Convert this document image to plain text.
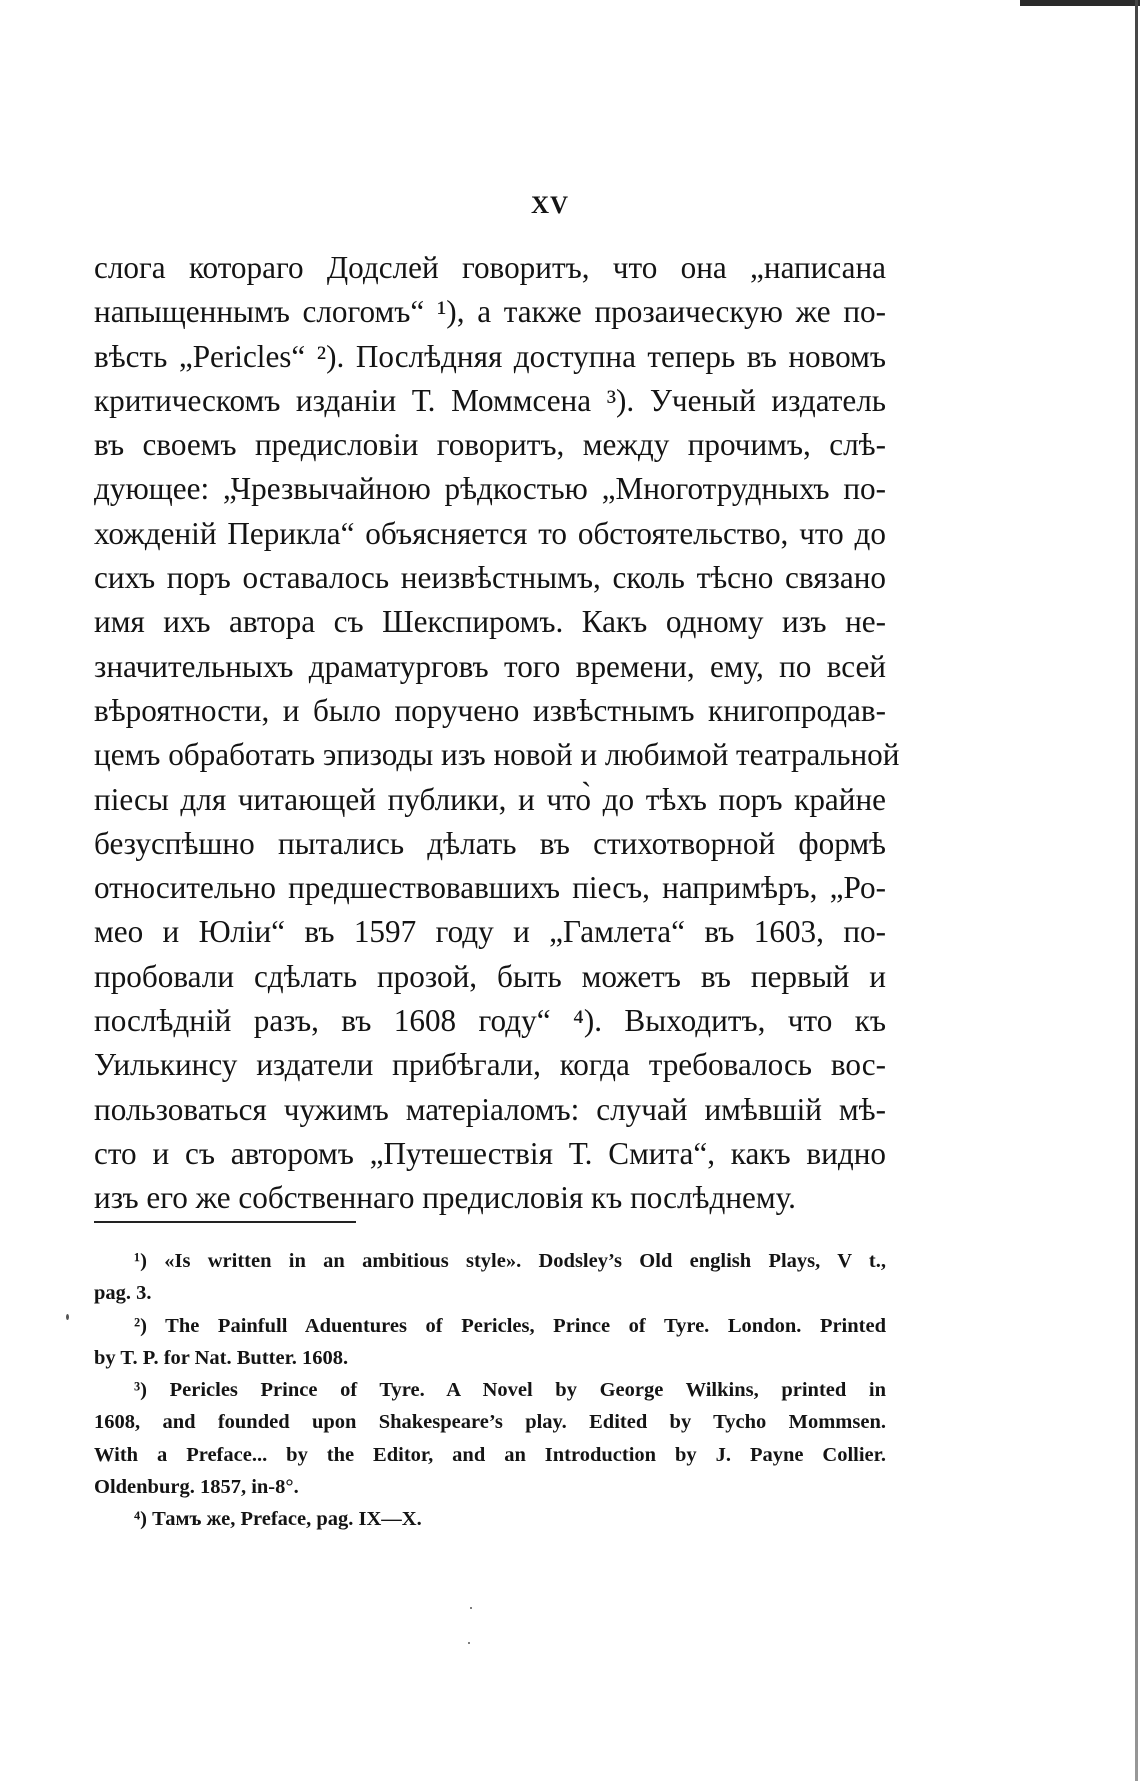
XV
слога котораго Додслей говоритъ, что она „написана
напыщеннымъ слогомъ“ ¹), а также прозаическую же по-
вѣсть „Pericles“ ²). Послѣдняя доступна теперь въ новомъ
критическомъ изданіи Т. Моммсена ³). Ученый издатель
въ своемъ предисловіи говоритъ, между прочимъ, слѣ-
дующее: „Чрезвычайною рѣдкостью „Многотрудныхъ по-
хожденій Перикла“ объясняется то обстоятельство, что до
сихъ поръ оставалось неизвѣстнымъ, сколь тѣсно связано
имя ихъ автора съ Шекспиромъ. Какъ одному изъ не-
значительныхъ драматурговъ того времени, ему, по всей
вѣроятности, и было поручено извѣстнымъ книгопродав-
цемъ обработать эпизоды изъ новой и любимой театральной
піесы для читающей публики, и что̀ до тѣхъ поръ крайне
безуспѣшно пытались дѣлать въ стихотворной формѣ
относительно предшествовавшихъ піесъ, напримѣръ, „Ро-
мео и Юліи“ въ 1597 году и „Гамлета“ въ 1603, по-
пробовали сдѣлать прозой, быть можетъ въ первый и
послѣдній разъ, въ 1608 году“ ⁴). Выходитъ, что къ
Уилькинсу издатели прибѣгали, когда требовалось вос-
пользоваться чужимъ матеріаломъ: случай имѣвшій мѣ-
сто и съ авторомъ „Путешествія Т. Смита“, какъ видно
изъ его же собственнаго предисловія къ послѣднему.
¹) «Is written in an ambitious style». Dodsley’s Old english Plays, V t.,
pag. 3.
²) The Painfull Aduentures of Pericles, Prince of Tyre. London. Printed
by T. P. for Nat. Butter. 1608.
³) Pericles Prince of Tyre. A Novel by George Wilkins, printed in
1608, and founded upon Shakespeare’s play. Edited by Tycho Mommsen.
With a Preface... by the Editor, and an Introduction by J. Payne Collier.
Oldenburg. 1857, in-8°.
⁴) Тамъ же, Preface, pag. IX—X.
